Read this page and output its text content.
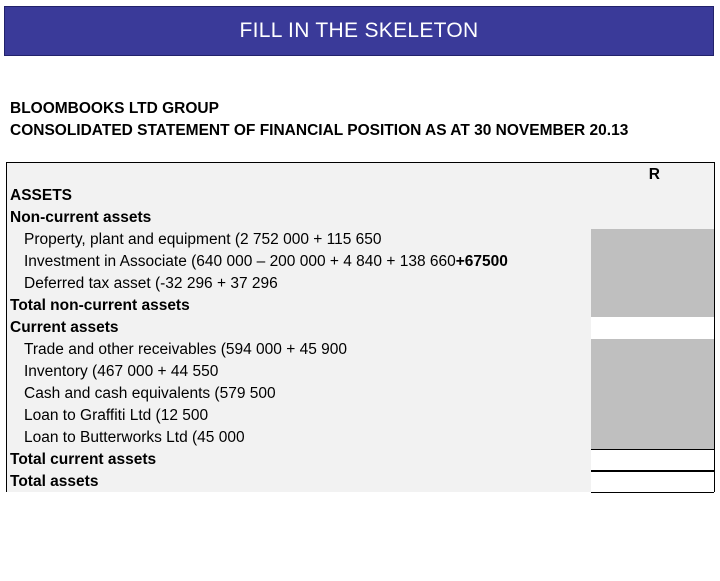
FILL IN THE SKELETON
BLOOMBOOKS LTD GROUP
CONSOLIDATED STATEMENT OF FINANCIAL POSITION AS AT 30 NOVEMBER 20.13
R
ASSETS
Non-current assets
Property, plant and equipment (2 752 000 + 115 650
Investment in Associate (640 000 – 200 000 + 4 840 + 138 660+67500
Deferred tax asset (-32 296 + 37 296
Total non-current assets
Current assets
Trade and other receivables (594 000 + 45 900
Inventory (467 000 + 44 550
Cash and cash equivalents (579 500
Loan to Graffiti Ltd (12 500
Loan to Butterworks Ltd (45 000
Total current assets
Total assets
